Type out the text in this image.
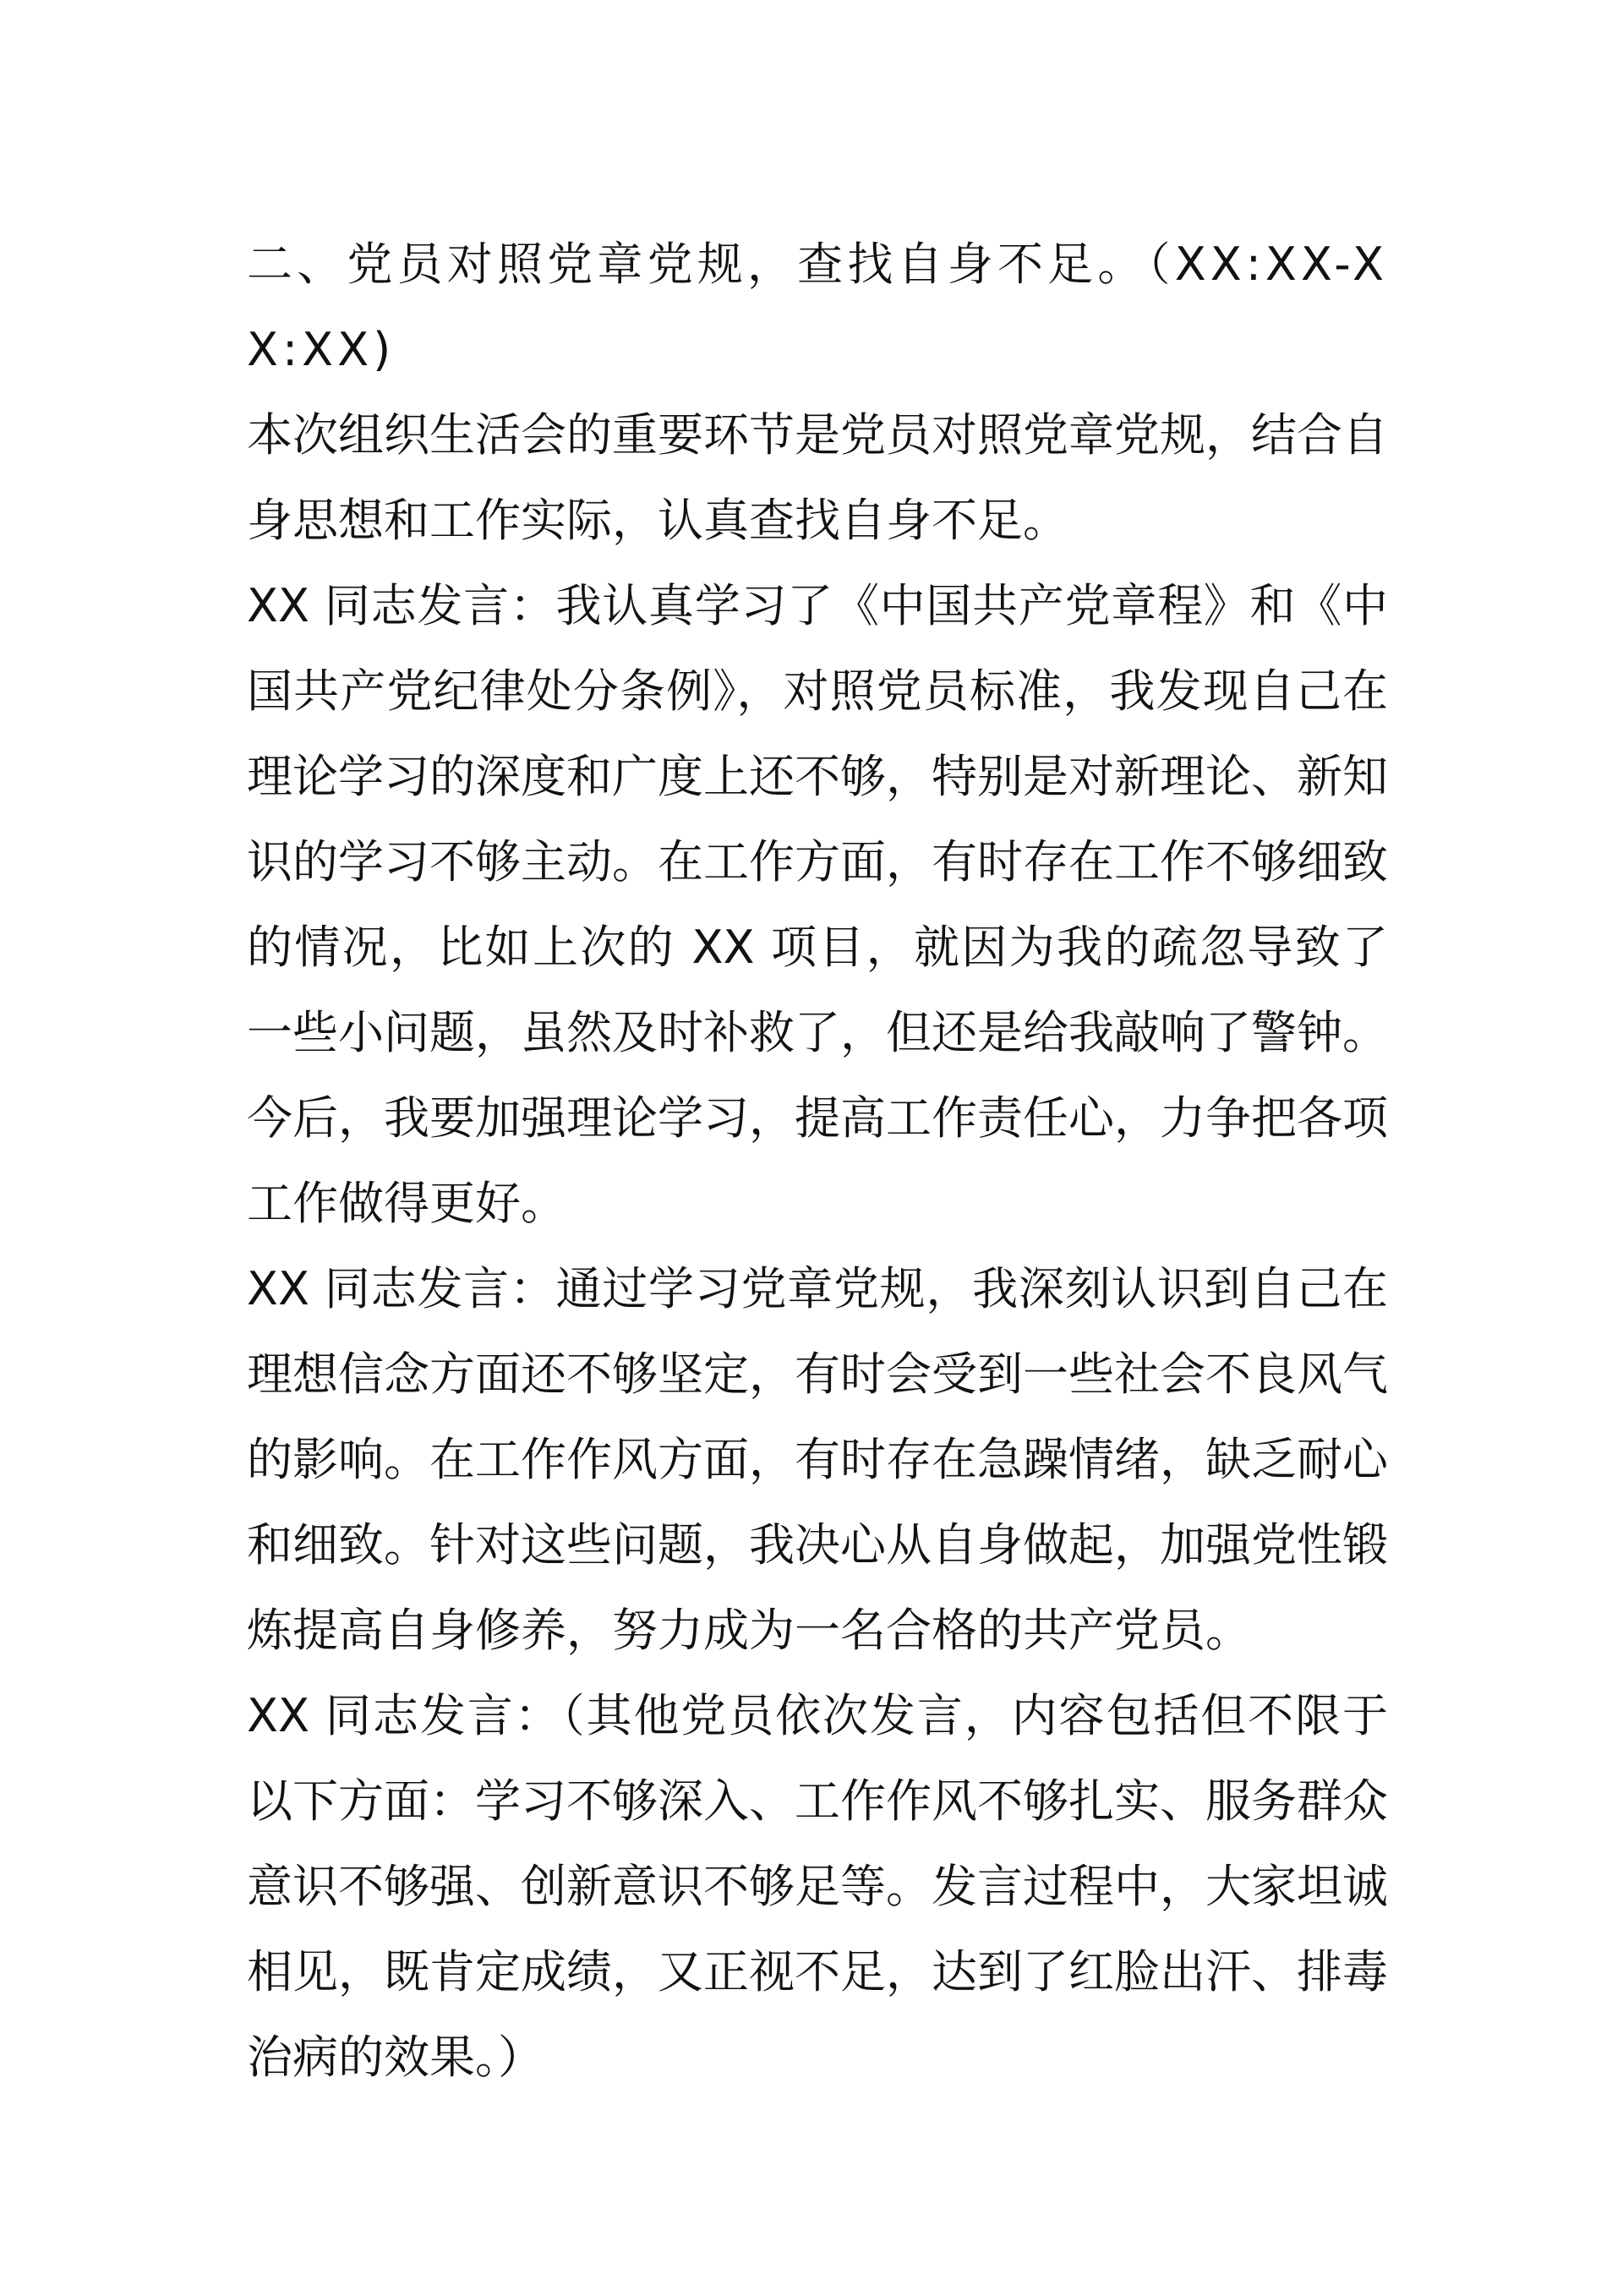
二、党员对照党章党规，查找自身不足。（XX:XX-XX:XX)

本次组织生活会的重要环节是党员对照党章党规，结合自身思想和工作实际，认真查找自身不足。

XX 同志发言：我认真学习了《中国共产党章程》和《中国共产党纪律处分条例》，对照党员标准，我发现自己在理论学习的深度和广度上还不够，特别是对新理论、新知识的学习不够主动。在工作方面，有时存在工作不够细致的情况，比如上次的 XX 项目，就因为我的疏忽导致了一些小问题，虽然及时补救了，但还是给我敲响了警钟。今后，我要加强理论学习，提高工作责任心，力争把各项工作做得更好。

XX 同志发言：通过学习党章党规，我深刻认识到自己在理想信念方面还不够坚定，有时会受到一些社会不良风气的影响。在工作作风方面，有时存在急躁情绪，缺乏耐心和细致。针对这些问题，我决心从自身做起，加强党性锻炼提高自身修养，努力成为一名合格的共产党员。

XX 同志发言：（其他党员依次发言，内容包括但不限于以下方面：学习不够深入、工作作风不够扎实、服务群众意识不够强、创新意识不够足等。发言过程中，大家坦诚相见，既肯定成绩，又正视不足，达到了红脸出汗、排毒治病的效果。）
